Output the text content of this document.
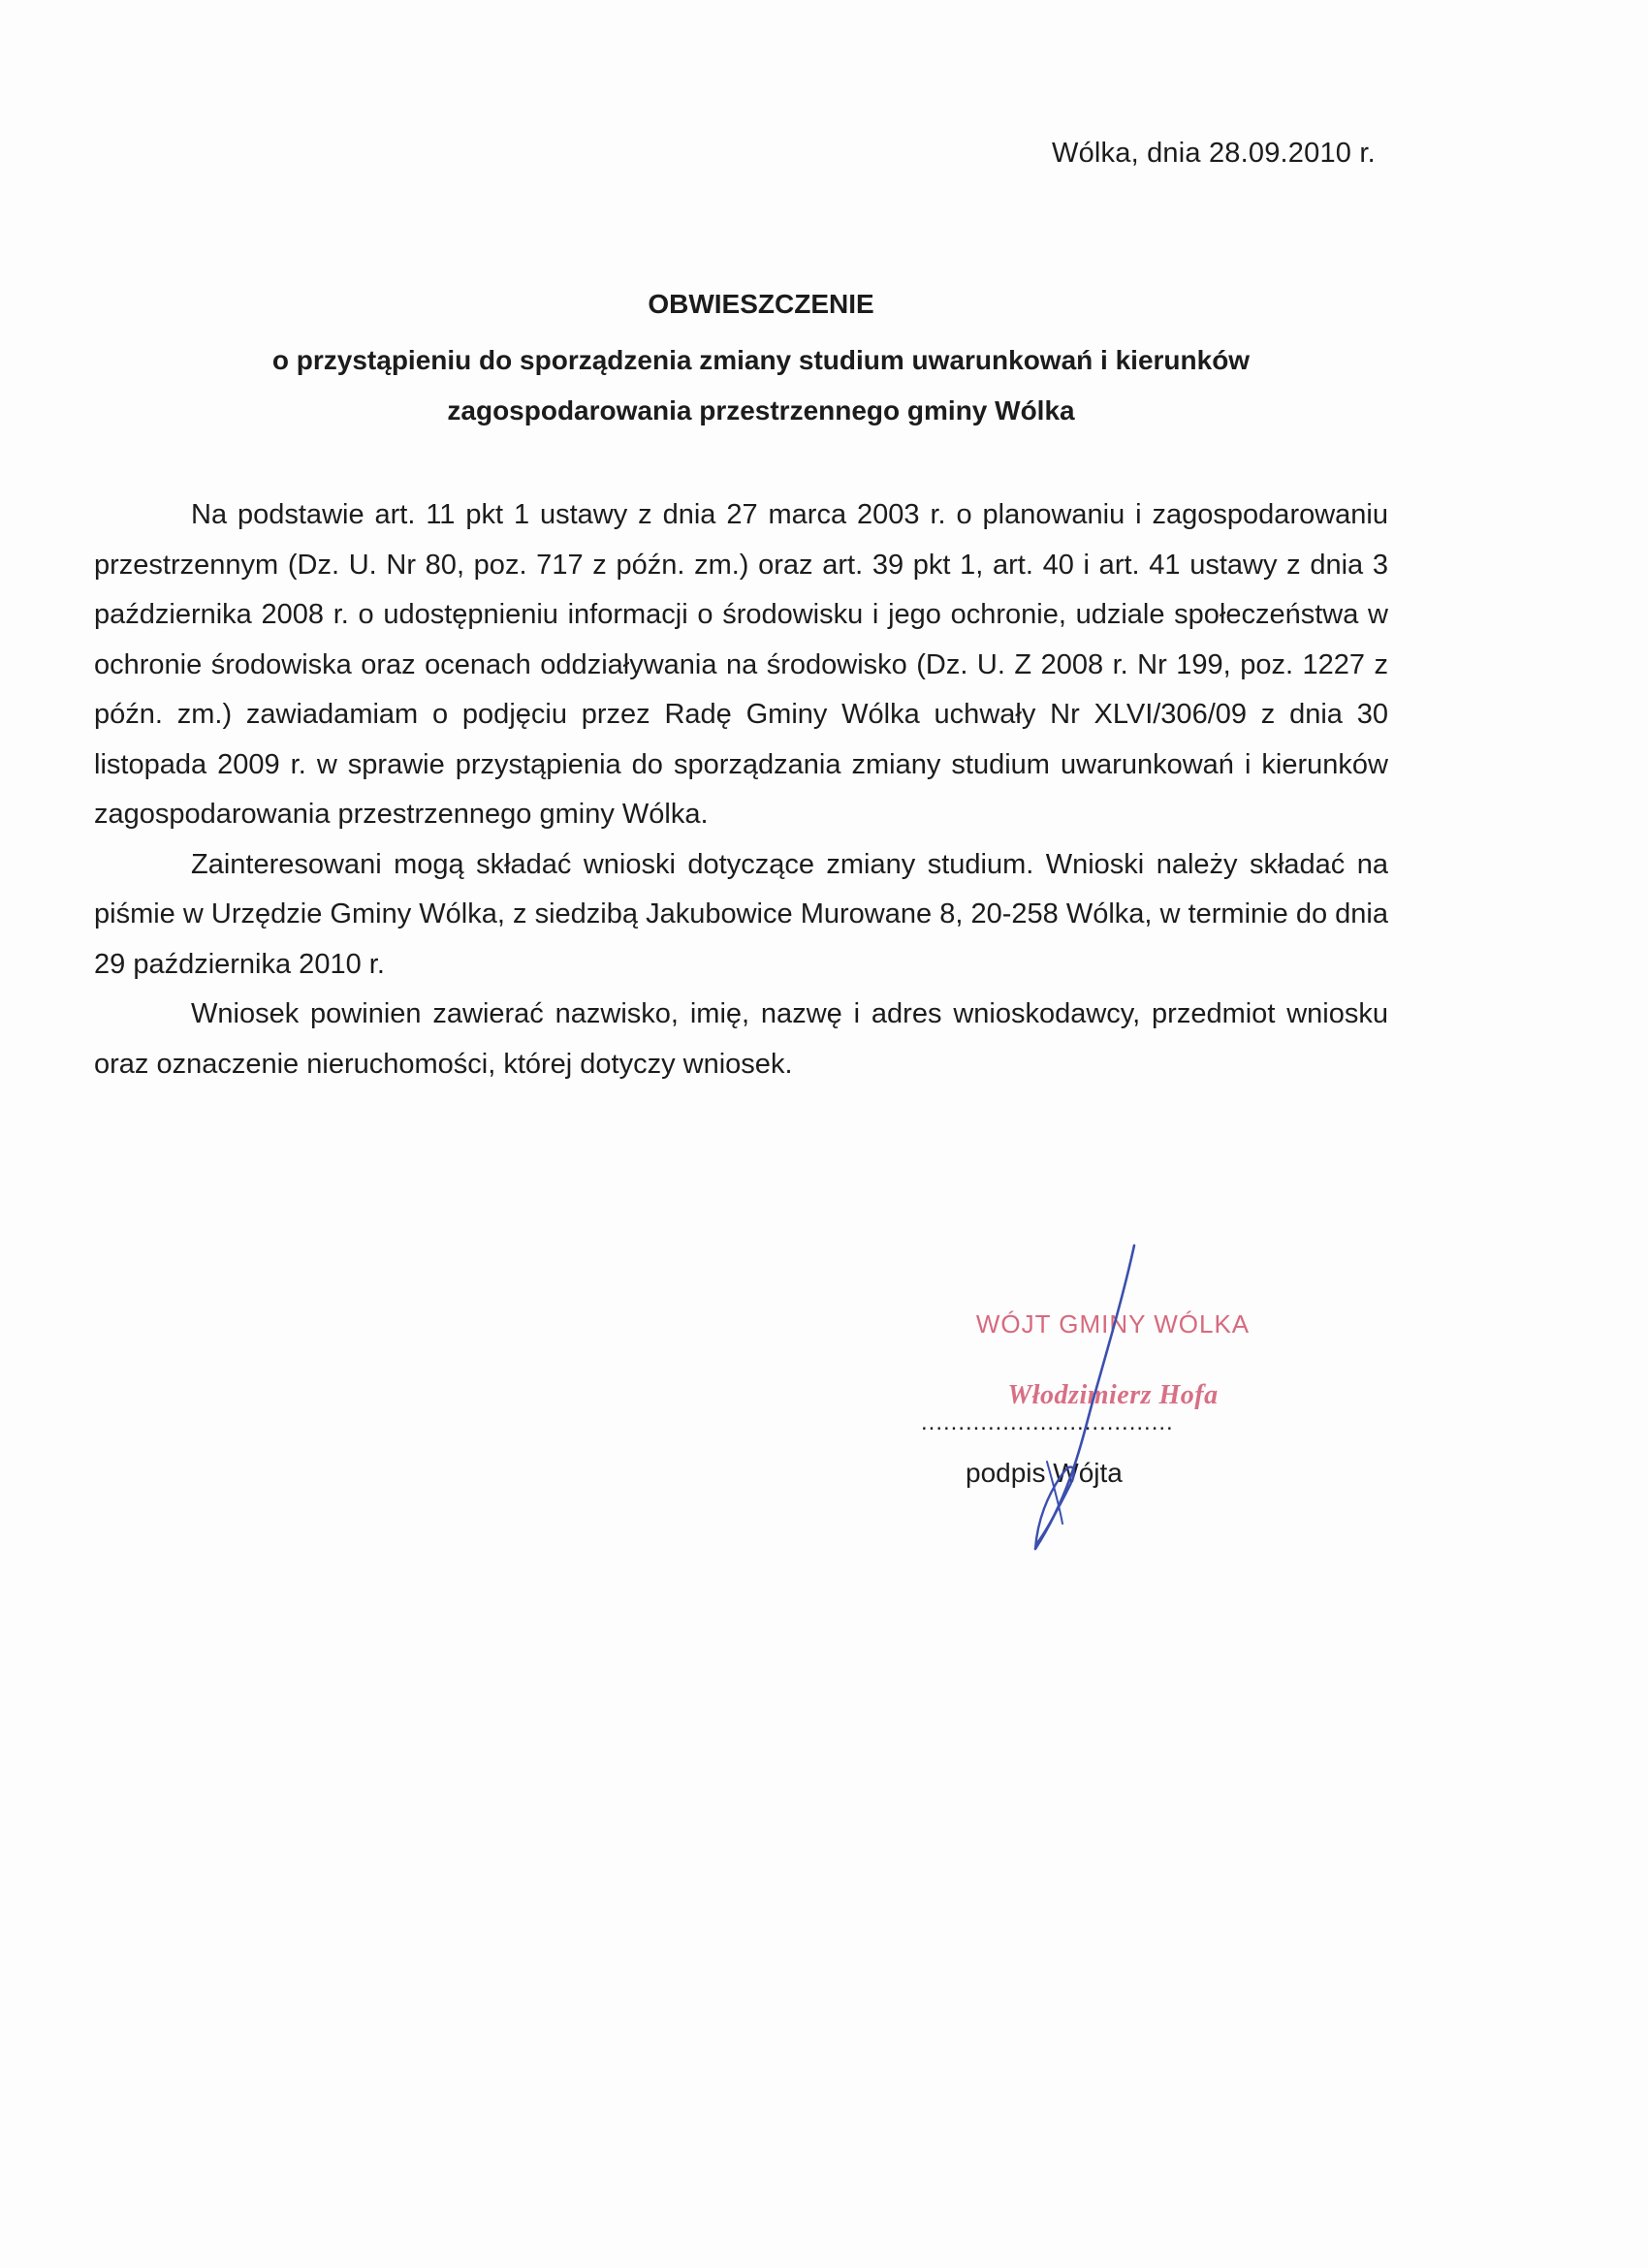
Wólka, dnia 28.09.2010 r.
OBWIESZCZENIE
o przystąpieniu do sporządzenia zmiany studium uwarunkowań i kierunków
zagospodarowania przestrzennego gminy Wólka

Na podstawie art. 11 pkt 1 ustawy z dnia 27 marca 2003 r. o planowaniu i zagospodarowaniu przestrzennym (Dz. U. Nr 80, poz. 717 z późn. zm.) oraz art. 39 pkt 1, art. 40 i art. 41 ustawy z dnia 3 października 2008 r. o udostępnieniu informacji o środowisku i jego ochronie, udziale społeczeństwa w ochronie środowiska oraz ocenach oddziaływania na środowisko (Dz. U. Z 2008 r. Nr 199, poz. 1227 z późn. zm.) zawiadamiam o podjęciu przez Radę Gminy Wólka uchwały Nr XLVI/306/09 z dnia 30 listopada 2009 r. w sprawie przystąpienia do sporządzania zmiany studium uwarunkowań i kierunków zagospodarowania przestrzennego gminy Wólka.

Zainteresowani mogą składać wnioski dotyczące zmiany studium. Wnioski należy składać na piśmie w Urzędzie Gminy Wólka, z siedzibą Jakubowice Murowane 8, 20-258 Wólka, w terminie do dnia 29 października 2010 r.

Wniosek powinien zawierać nazwisko, imię, nazwę i adres wnioskodawcy, przedmiot wniosku oraz oznaczenie nieruchomości, której dotyczy wniosek.

WÓJT GMINY WÓLKA
Włodzimierz Hofa
..................................
podpis Wójta
